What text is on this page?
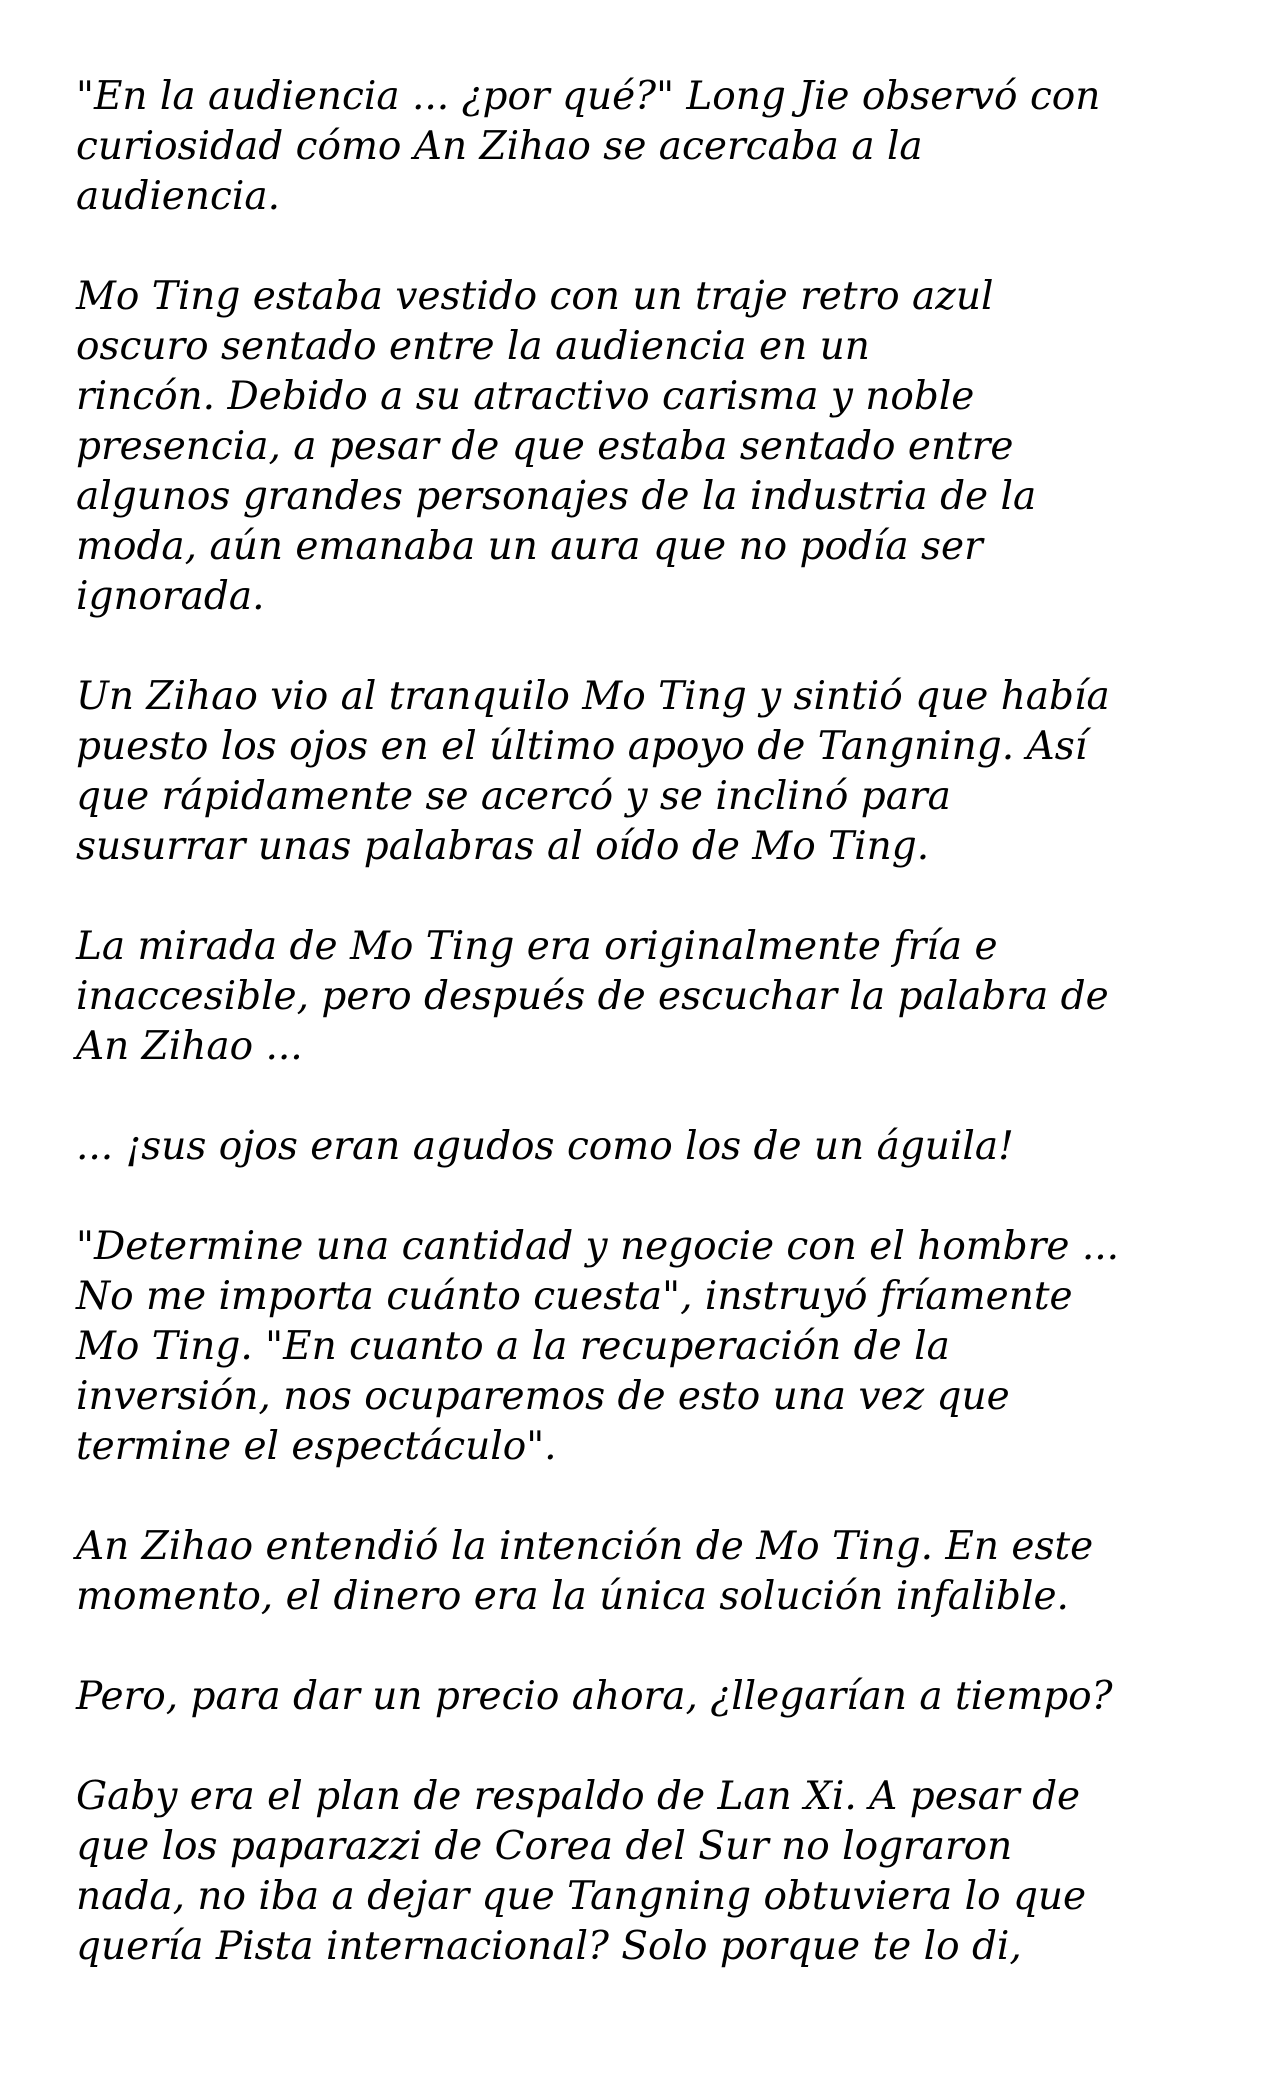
"En la audiencia ... ¿por qué?" Long Jie observó con
curiosidad cómo An Zihao se acercaba a la
audiencia.

Mo Ting estaba vestido con un traje retro azul
oscuro sentado entre la audiencia en un
rincón. Debido a su atractivo carisma y noble
presencia, a pesar de que estaba sentado entre
algunos grandes personajes de la industria de la
moda, aún emanaba un aura que no podía ser
ignorada.

Un Zihao vio al tranquilo Mo Ting y sintió que había
puesto los ojos en el último apoyo de Tangning. Así
que rápidamente se acercó y se inclinó para
susurrar unas palabras al oído de Mo Ting.

La mirada de Mo Ting era originalmente fría e
inaccesible, pero después de escuchar la palabra de
An Zihao ...

... ¡sus ojos eran agudos como los de un águila!

"Determine una cantidad y negocie con el hombre ...
No me importa cuánto cuesta", instruyó fríamente
Mo Ting. "En cuanto a la recuperación de la
inversión, nos ocuparemos de esto una vez que
termine el espectáculo".

An Zihao entendió la intención de Mo Ting. En este
momento, el dinero era la única solución infalible.

Pero, para dar un precio ahora, ¿llegarían a tiempo?

Gaby era el plan de respaldo de Lan Xi. A pesar de
que los paparazzi de Corea del Sur no lograron
nada, no iba a dejar que Tangning obtuviera lo que
quería Pista internacional? Solo porque te lo di,
